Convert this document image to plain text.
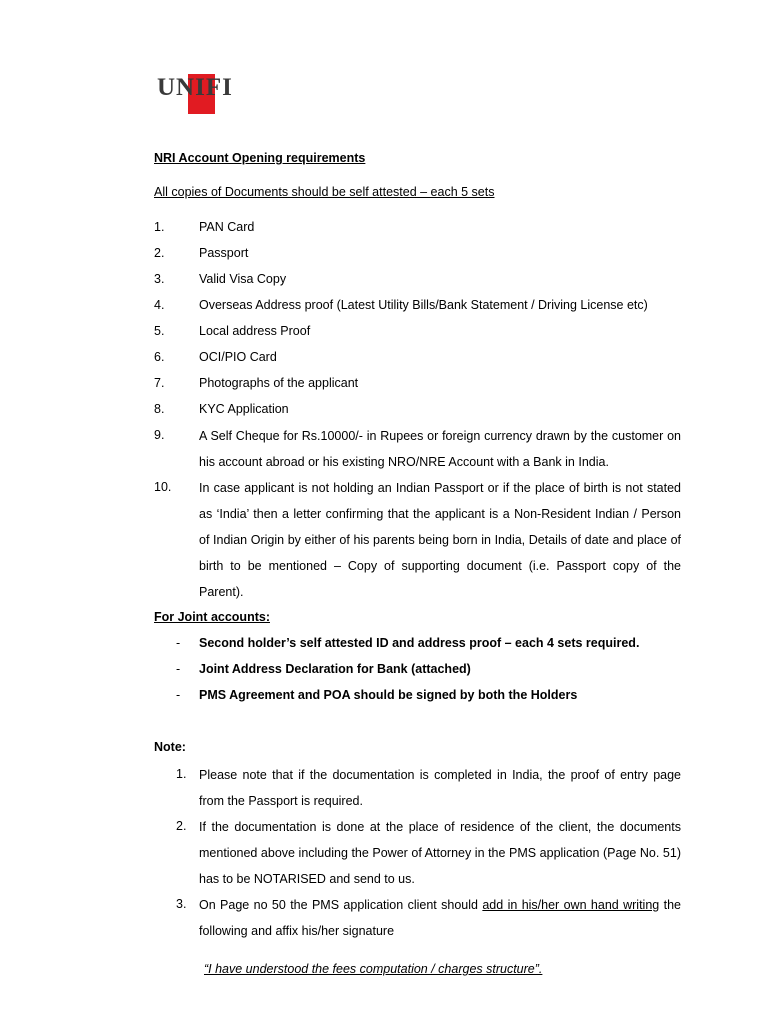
UNIFI
NRI Account Opening requirements
All copies of Documents should be self attested – each 5 sets
1.	PAN Card
2.	Passport
3.	Valid Visa Copy
4.	Overseas Address proof (Latest Utility Bills/Bank Statement / Driving License etc)
5.	Local address Proof
6.	OCI/PIO Card
7.	Photographs of the applicant
8.	KYC Application
9.	A Self Cheque for Rs.10000/- in Rupees or foreign currency drawn by the customer on his account abroad or his existing NRO/NRE Account with a Bank in India.
10. In case applicant is not holding an Indian Passport or if the place of birth is not stated as ‘India’ then a letter confirming that the applicant is a Non-Resident Indian / Person of Indian Origin by either of his parents being born in India, Details of date and place of birth to be mentioned – Copy of supporting document (i.e. Passport copy of the Parent).
For Joint accounts:
- Second holder’s self attested ID and address proof – each 4 sets required.
- Joint Address Declaration for Bank (attached)
- PMS Agreement and POA should be signed by both the Holders
Note:
1. Please note that if the documentation is completed in India, the proof of entry page from the Passport is required.
2. If the documentation is done at the place of residence of the client, the documents mentioned above including the Power of Attorney in the PMS application (Page No. 51) has to be NOTARISED and send to us.
3. On Page no 50 the PMS application client should add in his/her own hand writing the following and affix his/her signature
“I have understood the fees computation / charges structure”.
